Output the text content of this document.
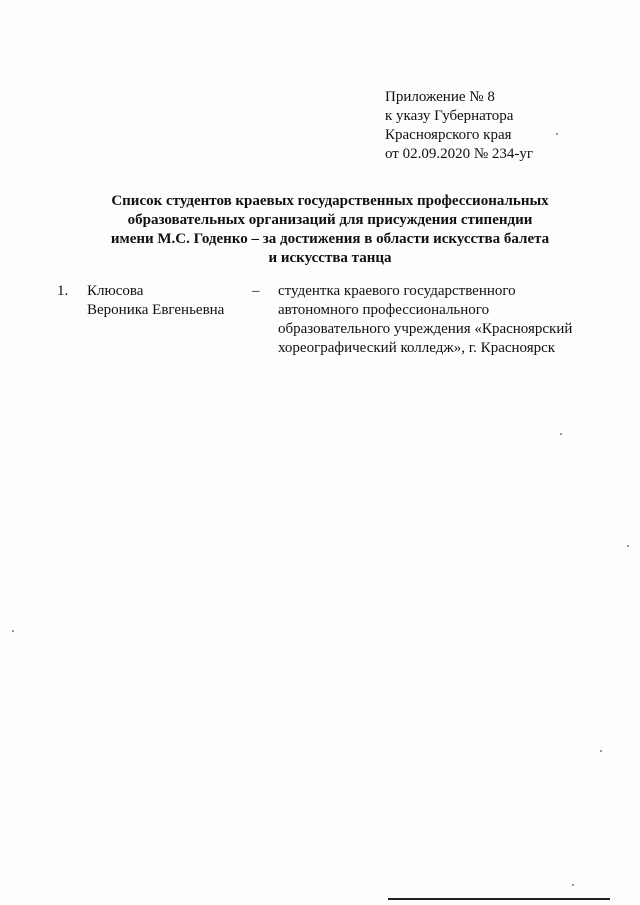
Приложение № 8
к указу Губернатора
Красноярского края
от 02.09.2020 № 234-уг
Список студентов краевых государственных профессиональных
образовательных организаций для присуждения стипендии
имени М.С. Годенко – за достижения в области искусства балета
и искусства танца
1. Клюсова
Вероника Евгеньевна
– студентка краевого государственного
автономного профессионального
образовательного учреждения «Красноярский
хореографический колледж», г. Красноярск
